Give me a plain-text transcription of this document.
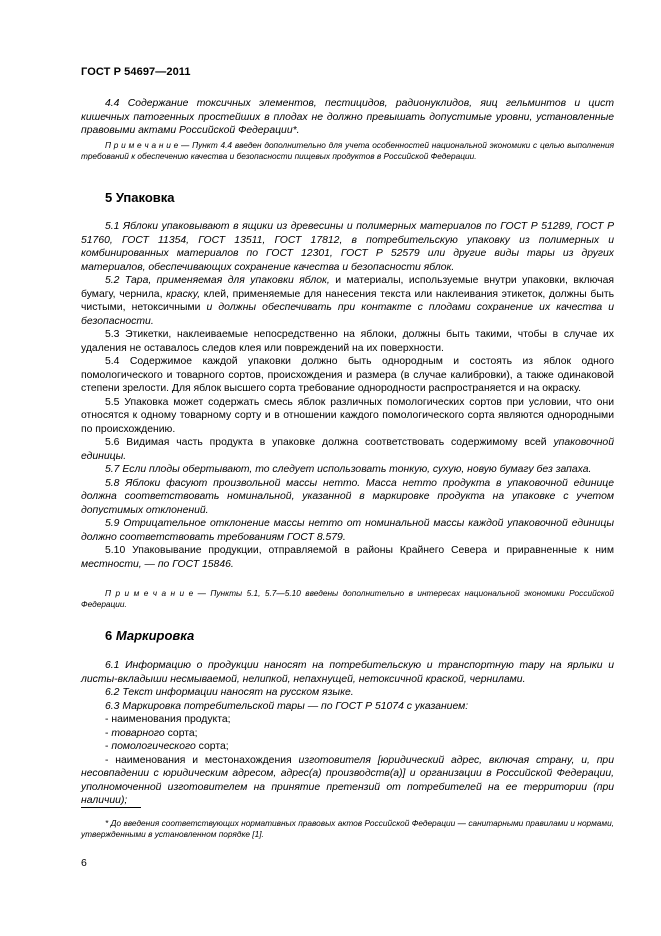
ГОСТ Р 54697—2011

4.4 Содержание токсичных элементов, пестицидов, радионуклидов, яиц гельминтов и цист кишечных патогенных простейших в плодах не должно превышать допустимые уровни, установленные правовыми актами Российской Федерации*.

П р и м е ч а н и е — Пункт 4.4 введен дополнительно для учета особенностей национальной экономики с целью выполнения требований к обеспечению качества и безопасности пищевых продуктов в Российской Федерации.

5 Упаковка

5.1 Яблоки упаковывают в ящики из древесины и полимерных материалов по ГОСТ Р 51289, ГОСТ Р 51760, ГОСТ 11354, ГОСТ 13511, ГОСТ 17812, в потребительскую упаковку из полимерных и комбинированных материалов по ГОСТ 12301, ГОСТ Р 52579 или другие виды тары из других материалов, обеспечивающих сохранение качества и безопасности яблок.

5.2 Тара, применяемая для упаковки яблок, и материалы, используемые внутри упаковки, включая бумагу, чернила, краску, клей, применяемые для нанесения текста или наклеивания этикеток, должны быть чистыми, нетоксичными и должны обеспечивать при контакте с плодами сохранение их качества и безопасности.

5.3 Этикетки, наклеиваемые непосредственно на яблоки, должны быть такими, чтобы в случае их удаления не оставалось следов клея или повреждений на их поверхности.

5.4 Содержимое каждой упаковки должно быть однородным и состоять из яблок одного помологического и товарного сортов, происхождения и размера (в случае калибровки), а также одинаковой степени зрелости. Для яблок высшего сорта требование однородности распространяется и на окраску.

5.5 Упаковка может содержать смесь яблок различных помологических сортов при условии, что они относятся к одному товарному сорту и в отношении каждого помологического сорта являются однородными по происхождению.

5.6 Видимая часть продукта в упаковке должна соответствовать содержимому всей упаковочной единицы.

5.7 Если плоды обертывают, то следует использовать тонкую, сухую, новую бумагу без запаха.

5.8 Яблоки фасуют произвольной массы нетто. Масса нетто продукта в упаковочной единице должна соответствовать номинальной, указанной в маркировке продукта на упаковке с учетом допустимых отклонений.

5.9 Отрицательное отклонение массы нетто от номинальной массы каждой упаковочной единицы должно соответствовать требованиям ГОСТ 8.579.

5.10 Упаковывание продукции, отправляемой в районы Крайнего Севера и приравненные к ним местности, — по ГОСТ 15846.

П р и м е ч а н и е — Пункты 5.1, 5.7—5.10 введены дополнительно в интересах национальной экономики Российской Федерации.

6 Маркировка

6.1 Информацию о продукции наносят на потребительскую и транспортную тару на ярлыки и листы-вкладыши несмываемой, нелипкой, непахнущей, нетоксичной краской, чернилами.

6.2 Текст информации наносят на русском языке.

6.3 Маркировка потребительской тары — по ГОСТ Р 51074 с указанием:

- наименования продукта;

- товарного сорта;

- помологического сорта;

- наименования и местонахождения изготовителя [юридический адрес, включая страну, и, при несовпадении с юридическим адресом, адрес(а) производств(а)] и организации в Российской Федерации, уполномоченной изготовителем на принятие претензий от потребителей на ее территории (при наличии);

* До введения соответствующих нормативных правовых актов Российской Федерации — санитарными правилами и нормами, утвержденными в установленном порядке [1].

6
